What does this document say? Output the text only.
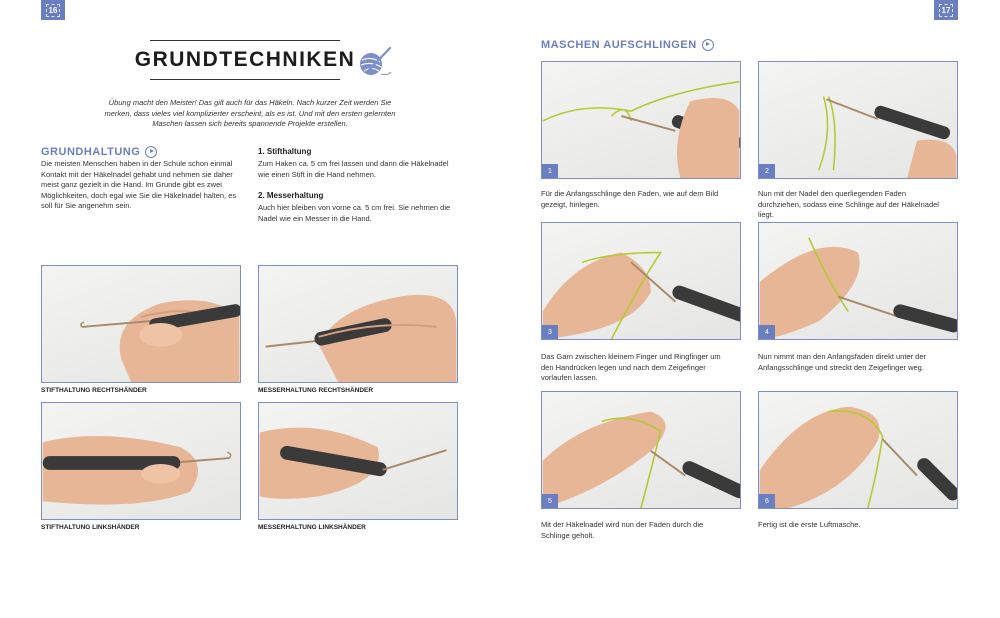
16	17
GRUNDTECHNIKEN
Übung macht den Meister! Das gilt auch für das Häkeln. Nach kurzer Zeit werden Sie merken, dass vieles viel komplizierter erscheint, als es ist. Und mit den ersten gelernten Maschen lassen sich bereits spannende Projekte erstellen.
GRUNDHALTUNG
Die meisten Menschen haben in der Schule schon einmal Kontakt mit der Häkelnadel gehabt und nehmen sie daher meist ganz gezielt in die Hand. Im Grunde gibt es zwei Möglichkeiten, doch egal wie Sie die Häkelnadel halten, es soll für Sie angenehm sein.
1. Stifthaltung
Zum Haken ca. 5 cm frei lassen und dann die Häkelnadel wie einen Stift in die Hand nehmen.
2. Messerhaltung
Auch hier bleiben von vorne ca. 5 cm frei. Sie nehmen die Nadel wie ein Messer in die Hand.
STIFTHALTUNG RECHTSHÄNDER	MESSERHALTUNG RECHTSHÄNDER
STIFTHALTUNG LINKSHÄNDER	MESSERHALTUNG LINKSHÄNDER
MASCHEN AUFSCHLINGEN
1
Für die Anfangsschlinge den Faden, wie auf dem Bild gezeigt, hinlegen.
2
Nun mit der Nadel den querliegenden Faden durchziehen, sodass eine Schlinge auf der Häkelnadel liegt.
3
Das Garn zwischen kleinem Finger und Ringfinger um den Handrücken legen und nach dem Zeigefinger vorlaufen lassen.
4
Nun nimmt man den Anfangsfaden direkt unter der Anfangsschlinge und streckt den Zeigefinger weg.
5
Mit der Häkelnadel wird nun der Faden durch die Schlinge geholt.
6
Fertig ist die erste Luftmasche.
